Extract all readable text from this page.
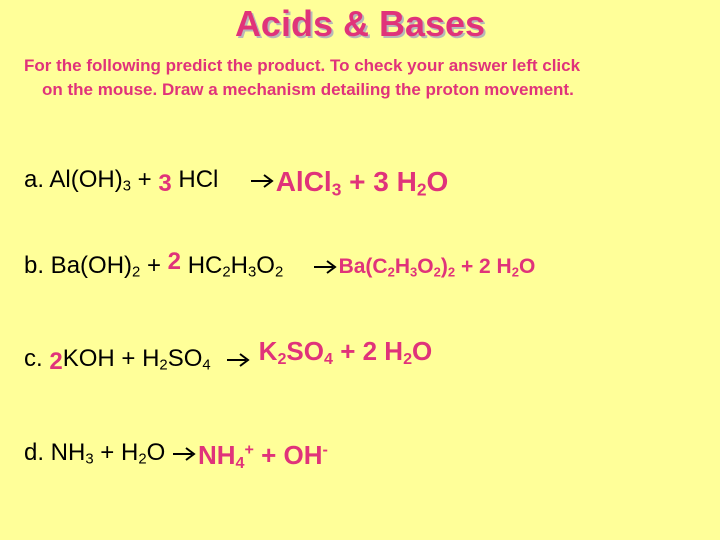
Acids & Bases
For the following predict the product. To check your answer left click
on the mouse. Draw a mechanism detailing the proton movement.
a. $Al(OH)_3 + 3$ HCl AlCl$_3$ + 3 $H_2O$
b. $Ba(OH)_2 + 2$ $HC_2H_3O_2$	$Ba(C_2H_3O_2)_2 + 2$ $H_2O$
c. $2KOH + H_2SO_4$ $K_2SO_4 + 2$ $H_2O$
d. $NH_3 + H_2O$ $NH_4^+ + OH^-$
